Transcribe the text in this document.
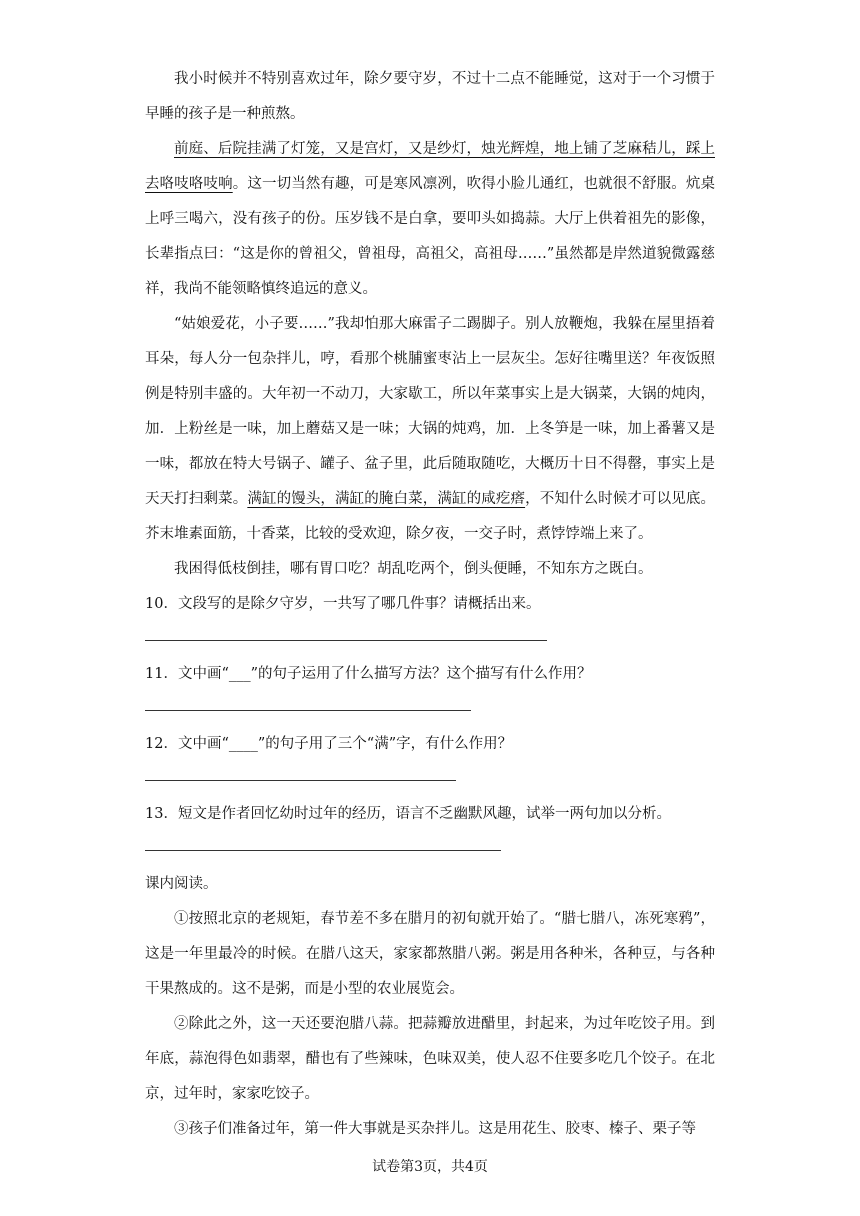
我小时候并不特别喜欢过年，除夕要守岁，不过十二点不能睡觉，这对于一个习惯于早睡的孩子是一种煎熬。

前庭、后院挂满了灯笼，又是宫灯，又是纱灯，烛光辉煌，地上铺了芝麻秸儿，踩上去咯吱咯吱响。这一切当然有趣，可是寒风凛冽，吹得小脸儿通红，也就很不舒服。炕桌上呼三喝六，没有孩子的份。压岁钱不是白拿，要叩头如捣蒜。大厅上供着祖先的影像，长辈指点曰：“这是你的曾祖父，曾祖母，高祖父，高祖母……”虽然都是岸然道貌微露慈祥，我尚不能领略慎终追远的意义。

“姑娘爱花，小子要……”我却怕那大麻雷子二踢脚子。别人放鞭炮，我躲在屋里捂着耳朵，每人分一包杂拌儿，哼，看那个桃脯蜜枣沾上一层灰尘。怎好往嘴里送？年夜饭照例是特别丰盛的。大年初一不动刀，大家歇工，所以年菜事实上是大锅菜，大锅的炖肉，加．上粉丝是一味，加上蘑菇又是一味；大锅的炖鸡，加．上冬笋是一味，加上番薯又是一味，都放在特大号锅子、罐子、盆子里，此后随取随吃，大概历十日不得罄，事实上是天天打扫剩菜。满缸的馒头，满缸的腌白菜，满缸的咸疙瘩，不知什么时候才可以见底。芥末堆素面筋，十香菜，比较的受欢迎，除夕夜，一交子时，煮饽饽端上来了。

我困得低枝倒挂，哪有胃口吃？胡乱吃两个，倒头便睡，不知东方之既白。

10．文段写的是除夕守岁，一共写了哪几件事？请概括出来。

11．文中画“___”的句子运用了什么描写方法？这个描写有什么作用？

12．文中画“____”的句子用了三个“满”字，有什么作用？

13．短文是作者回忆幼时过年的经历，语言不乏幽默风趣，试举一两句加以分析。

课内阅读。

①按照北京的老规矩，春节差不多在腊月的初旬就开始了。“腊七腊八，冻死寒鸦”，这是一年里最冷的时候。在腊八这天，家家都熬腊八粥。粥是用各种米，各种豆，与各种干果熬成的。这不是粥，而是小型的农业展览会。

②除此之外，这一天还要泡腊八蒜。把蒜瓣放进醋里，封起来，为过年吃饺子用。到年底，蒜泡得色如翡翠，醋也有了些辣味，色味双美，使人忍不住要多吃几个饺子。在北京，过年时，家家吃饺子。

③孩子们准备过年，第一件大事就是买杂拌儿。这是用花生、胶枣、榛子、栗子等

试卷第3页，共4页
